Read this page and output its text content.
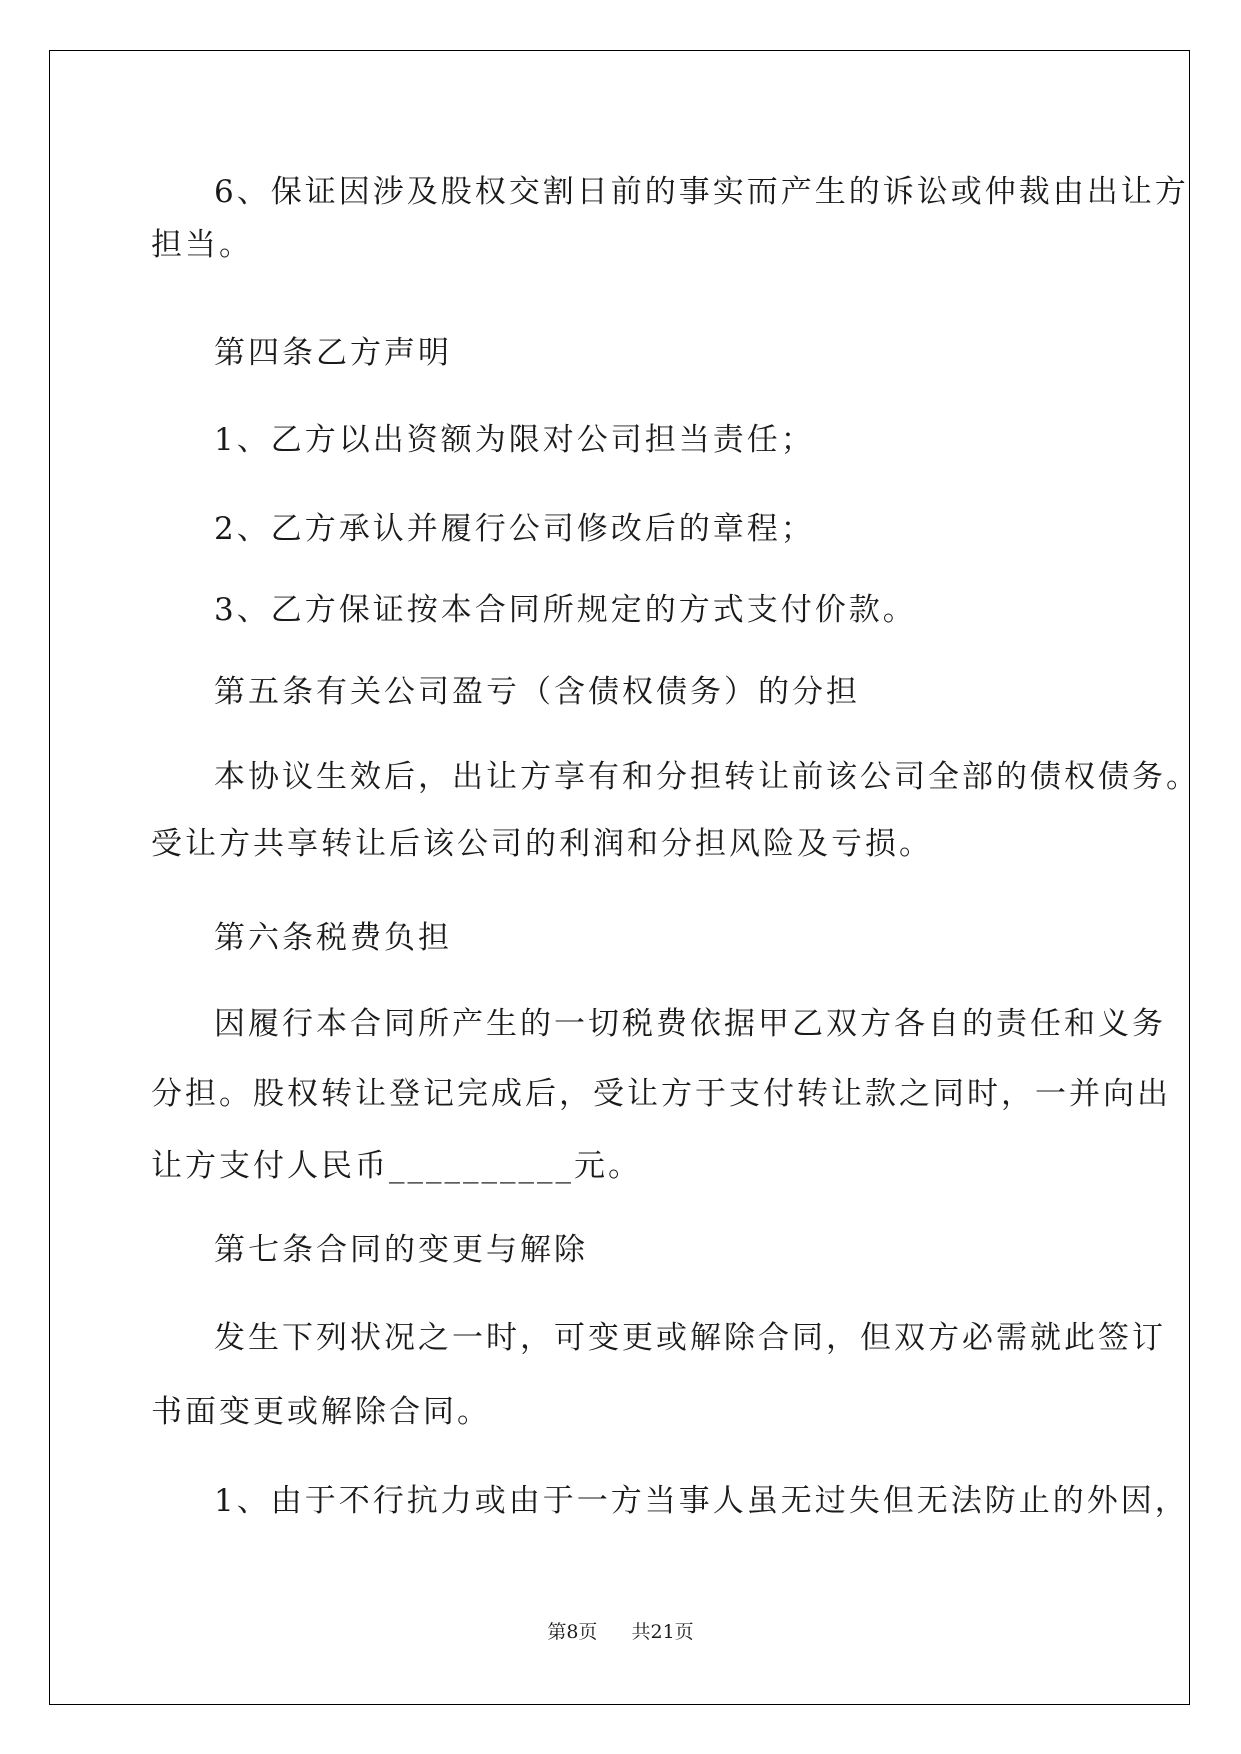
6、保证因涉及股权交割日前的事实而产生的诉讼或仲裁由出让方
担当。
第四条乙方声明
1、乙方以出资额为限对公司担当责任；
2、乙方承认并履行公司修改后的章程；
3、乙方保证按本合同所规定的方式支付价款。
第五条有关公司盈亏（含债权债务）的分担
本协议生效后，出让方享有和分担转让前该公司全部的债权债务。
受让方共享转让后该公司的利润和分担风险及亏损。
第六条税费负担
因履行本合同所产生的一切税费依据甲乙双方各自的责任和义务
分担。股权转让登记完成后，受让方于支付转让款之同时，一并向出
让方支付人民币__________元。
第七条合同的变更与解除
发生下列状况之一时，可变更或解除合同，但双方必需就此签订
书面变更或解除合同。
1、由于不行抗力或由于一方当事人虽无过失但无法防止的外因，
第8页 共21页
